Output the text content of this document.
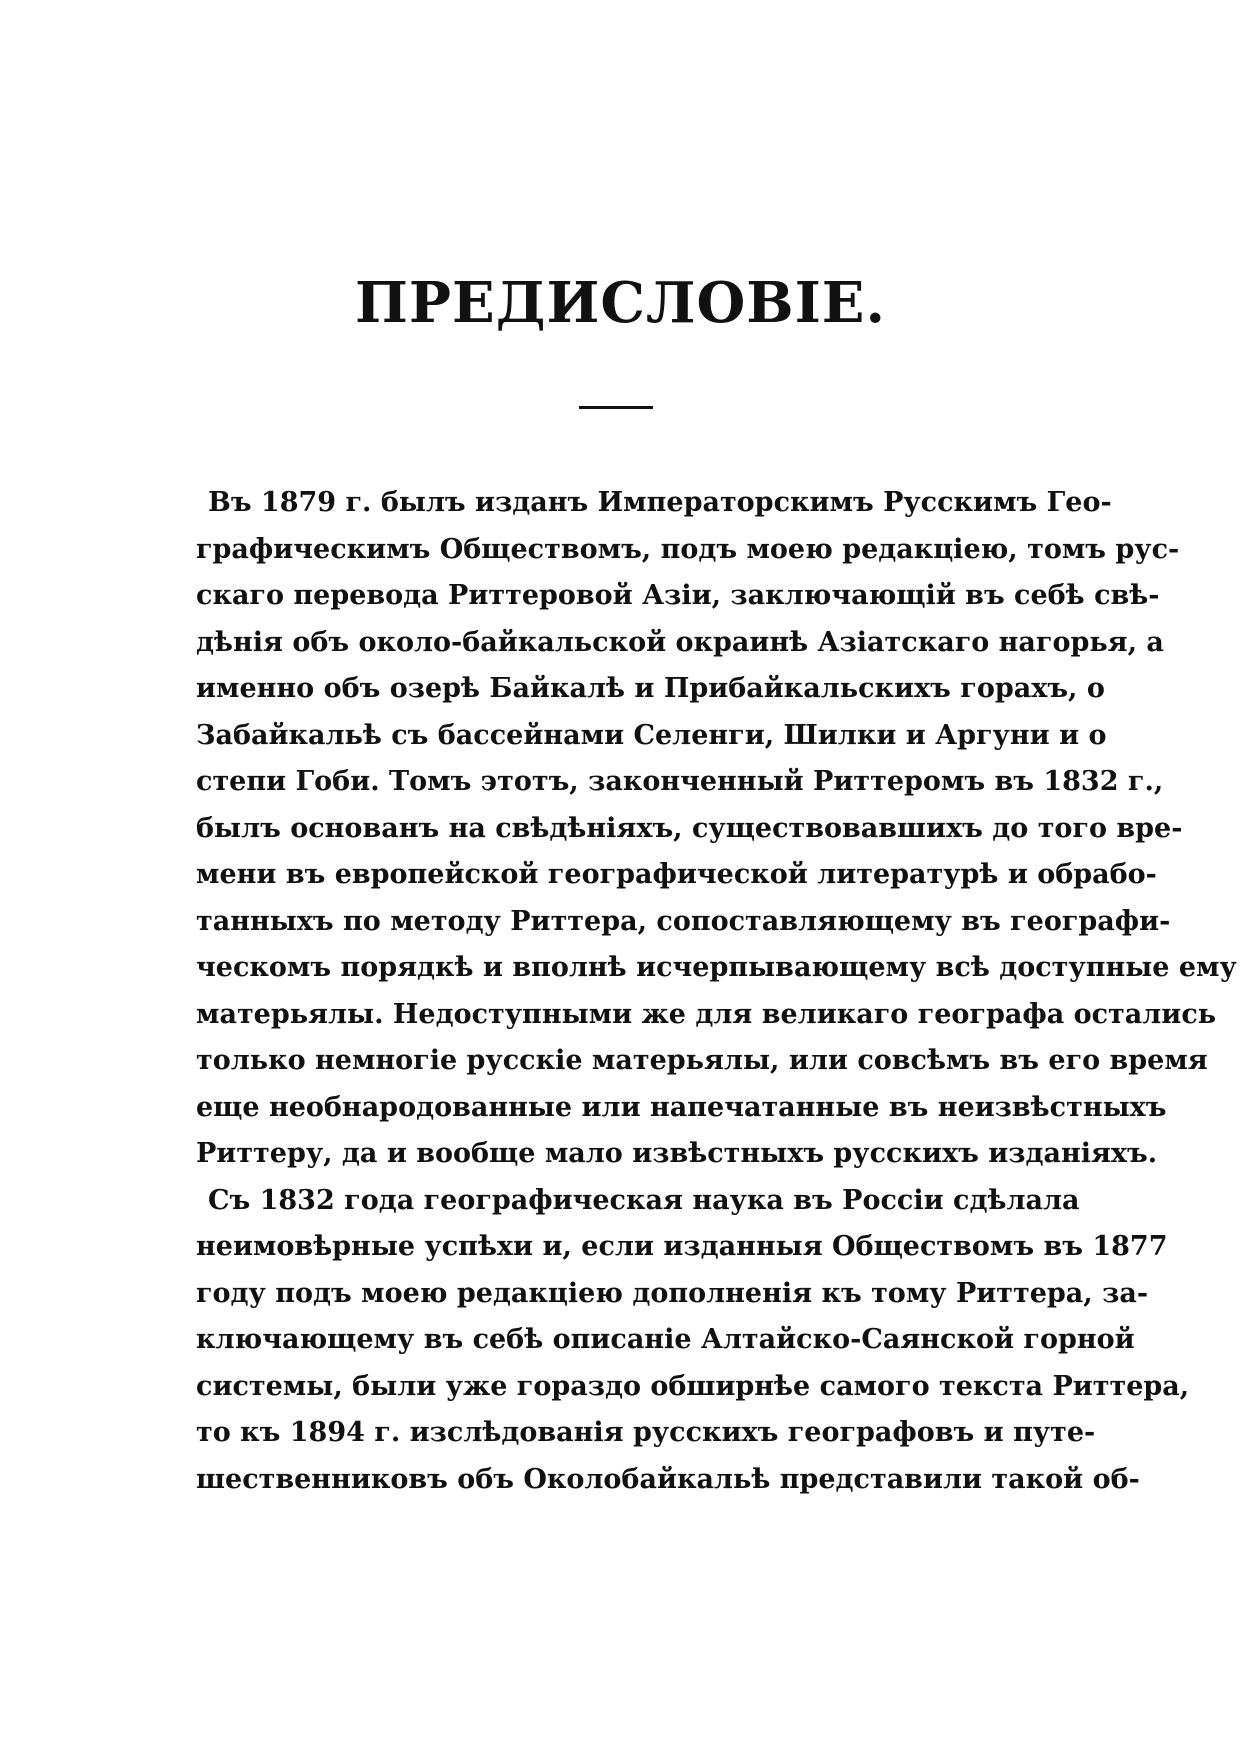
ПРЕДИСЛОВIЕ.
Въ 1879 г. былъ изданъ Императорскимъ Русскимъ Гео-
графическимъ Обществомъ, подъ моею редакцiею, томъ рус-
скаго перевода Риттеровой Азiи, заключающiй въ себѣ свѣ-
дѣнiя объ около-байкальской окраинѣ Азiатскаго нагорья, а
именно объ озерѣ Байкалѣ и Прибайкальскихъ горахъ, о
Забайкальѣ съ бассейнами Селенги, Шилки и Аргуни и о
степи Гоби. Томъ этотъ, законченный Риттеромъ въ 1832 г.,
былъ основанъ на свѣдѣнiяхъ, существовавшихъ до того вре-
мени въ европейской географической литературѣ и обрабо-
танныхъ по методу Риттера, сопоставляющему въ географи-
ческомъ порядкѣ и вполнѣ исчерпывающему всѣ доступные ему
матерьялы. Недоступными же для великаго географа остались
только немногiе русскiе матерьялы, или совсѣмъ въ его время
еще необнародованные или напечатанные въ неизвѣстныхъ
Риттеру, да и вообще мало извѣстныхъ русскихъ изданiяхъ.
Съ 1832 года географическая наука въ Россiи сдѣлала
неимовѣрные успѣхи и, если изданныя Обществомъ въ 1877
году подъ моею редакцiею дополненiя къ тому Риттера, за-
ключающему въ себѣ описанiе Алтайско-Саянской горной
системы, были уже гораздо обширнѣе самого текста Риттера,
то къ 1894 г. изслѣдованiя русскихъ географовъ и путе-
шественниковъ объ Околобайкальѣ представили такой об-
